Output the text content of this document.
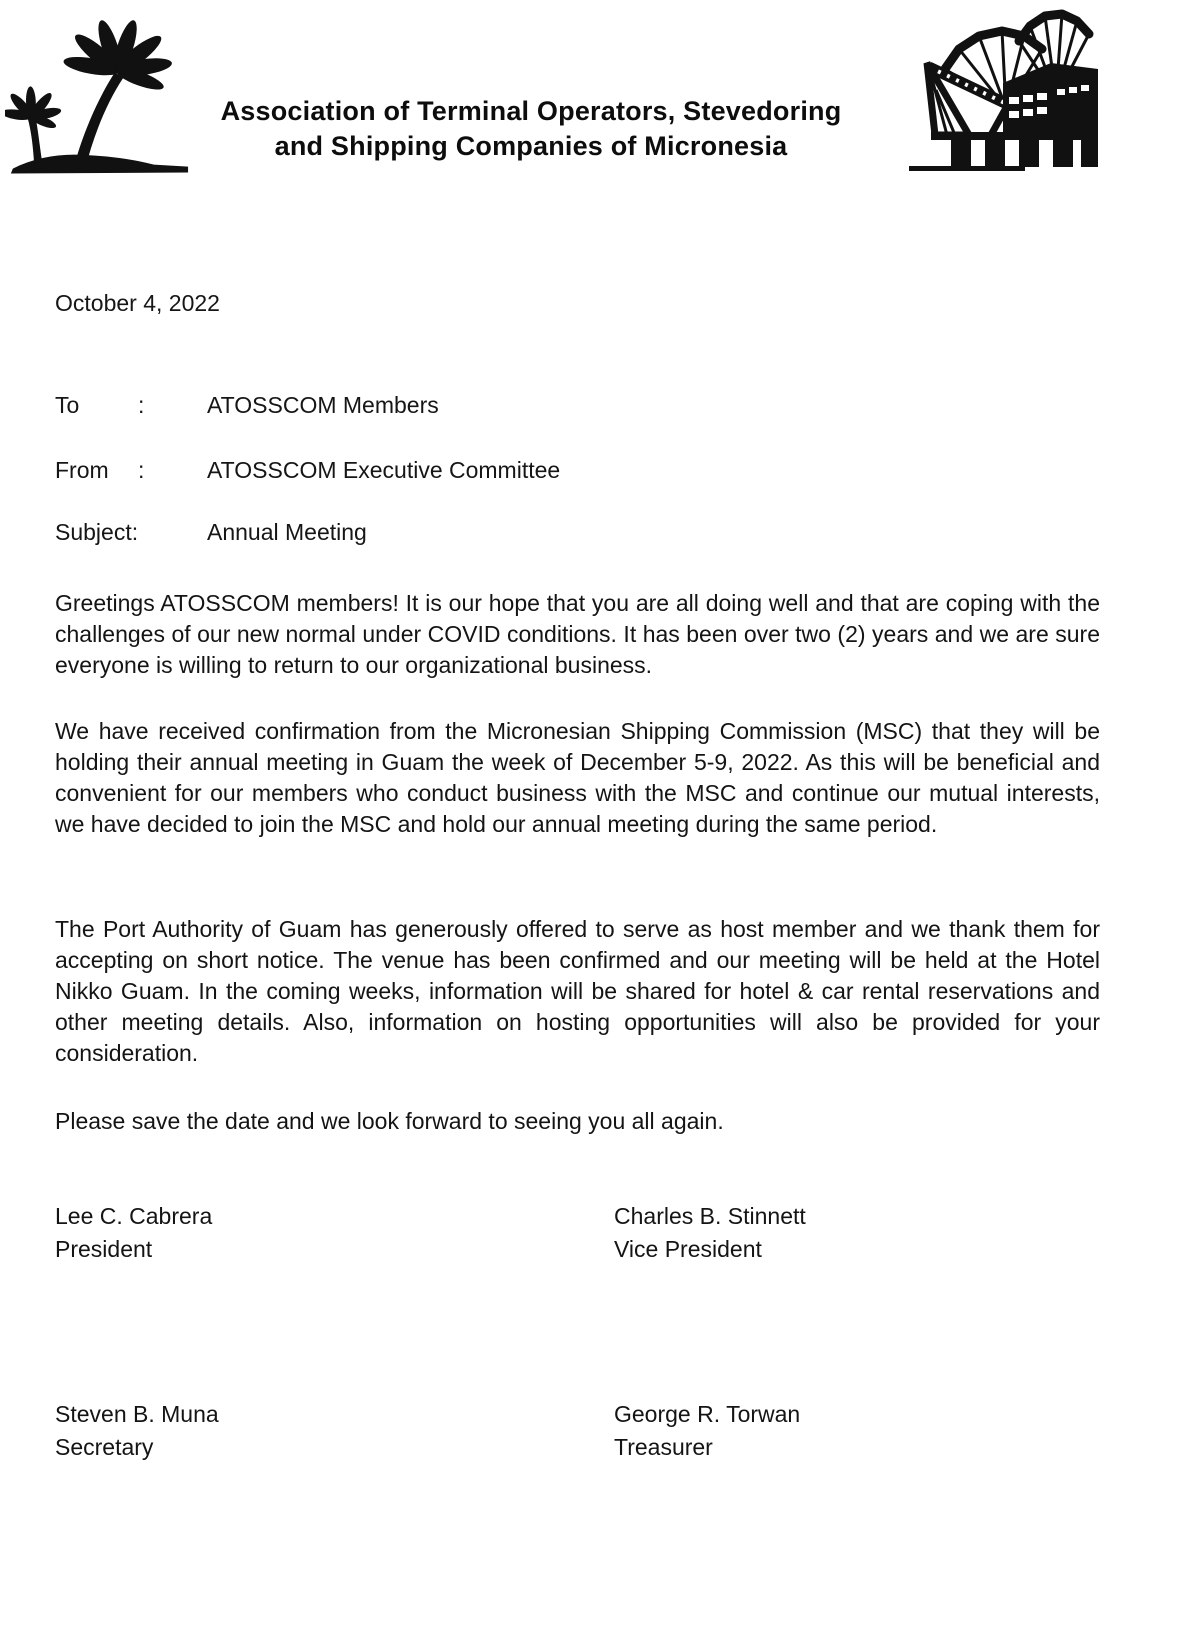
Association of Terminal Operators, Stevedoring
and Shipping Companies of Micronesia
October 4, 2022
To	:	ATOSSCOM Members
From :	ATOSSCOM Executive Committee
Subject:	Annual Meeting
Greetings ATOSSCOM members! It is our hope that you are all doing well and that are coping with the challenges of our new normal under COVID conditions. It has been over two (2) years and we are sure everyone is willing to return to our organizational business.
We have received confirmation from the Micronesian Shipping Commission (MSC) that they will be holding their annual meeting in Guam the week of December 5-9, 2022. As this will be beneficial and convenient for our members who conduct business with the MSC and continue our mutual interests, we have decided to join the MSC and hold our annual meeting during the same period.
The Port Authority of Guam has generously offered to serve as host member and we thank them for accepting on short notice. The venue has been confirmed and our meeting will be held at the Hotel Nikko Guam. In the coming weeks, information will be shared for hotel & car rental reservations and other meeting details. Also, information on hosting opportunities will also be provided for your consideration.
Please save the date and we look forward to seeing you all again.
Lee C. Cabrera
President
Charles B. Stinnett
Vice President
Steven B. Muna
Secretary
George R. Torwan
Treasurer
